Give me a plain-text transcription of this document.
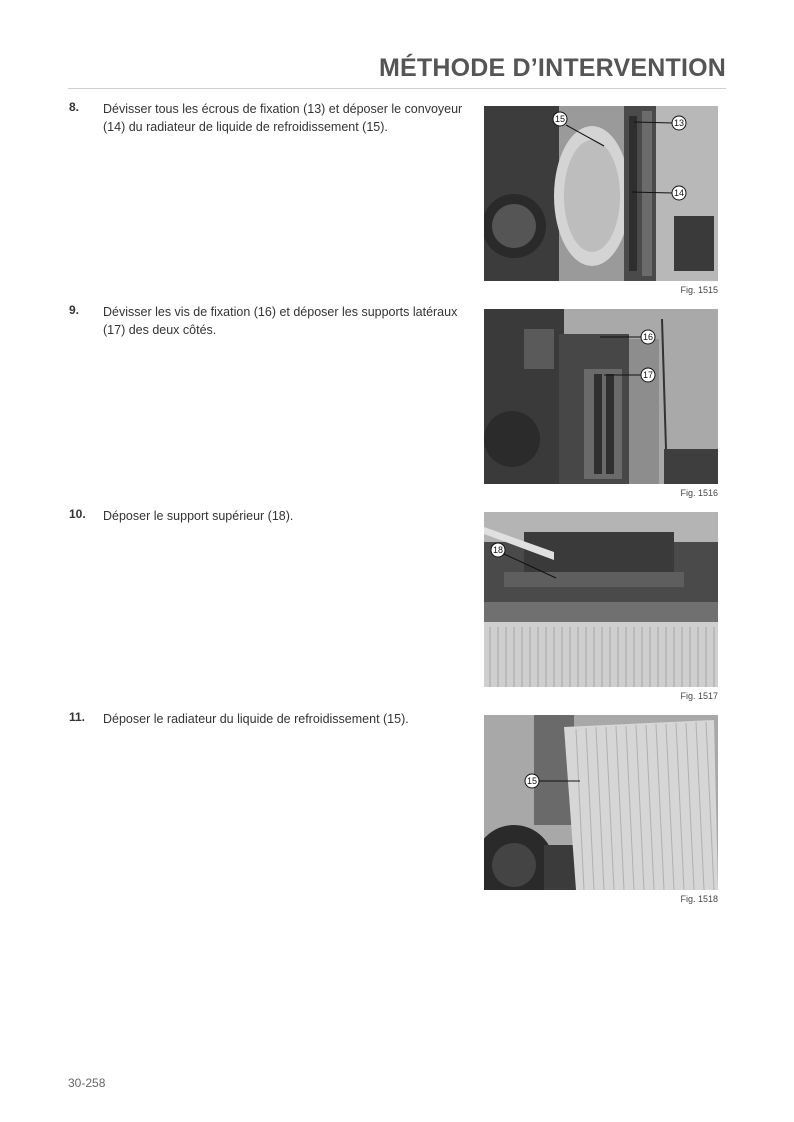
MÉTHODE D’INTERVENTION
8. Dévisser tous les écrous de fixation (13) et déposer le convoyeur (14) du radiateur de liquide de refroidissement (15).
15	13
14
Fig. 1515
9. Dévisser les vis de fixation (16) et déposer les supports latéraux (17) des deux côtés.	16
17
Fig. 1516
10. Déposer le support supérieur (18).
18
Fig. 1517
11. Déposer le radiateur du liquide de refroidissement (15).
15
Fig. 1518
30-258
